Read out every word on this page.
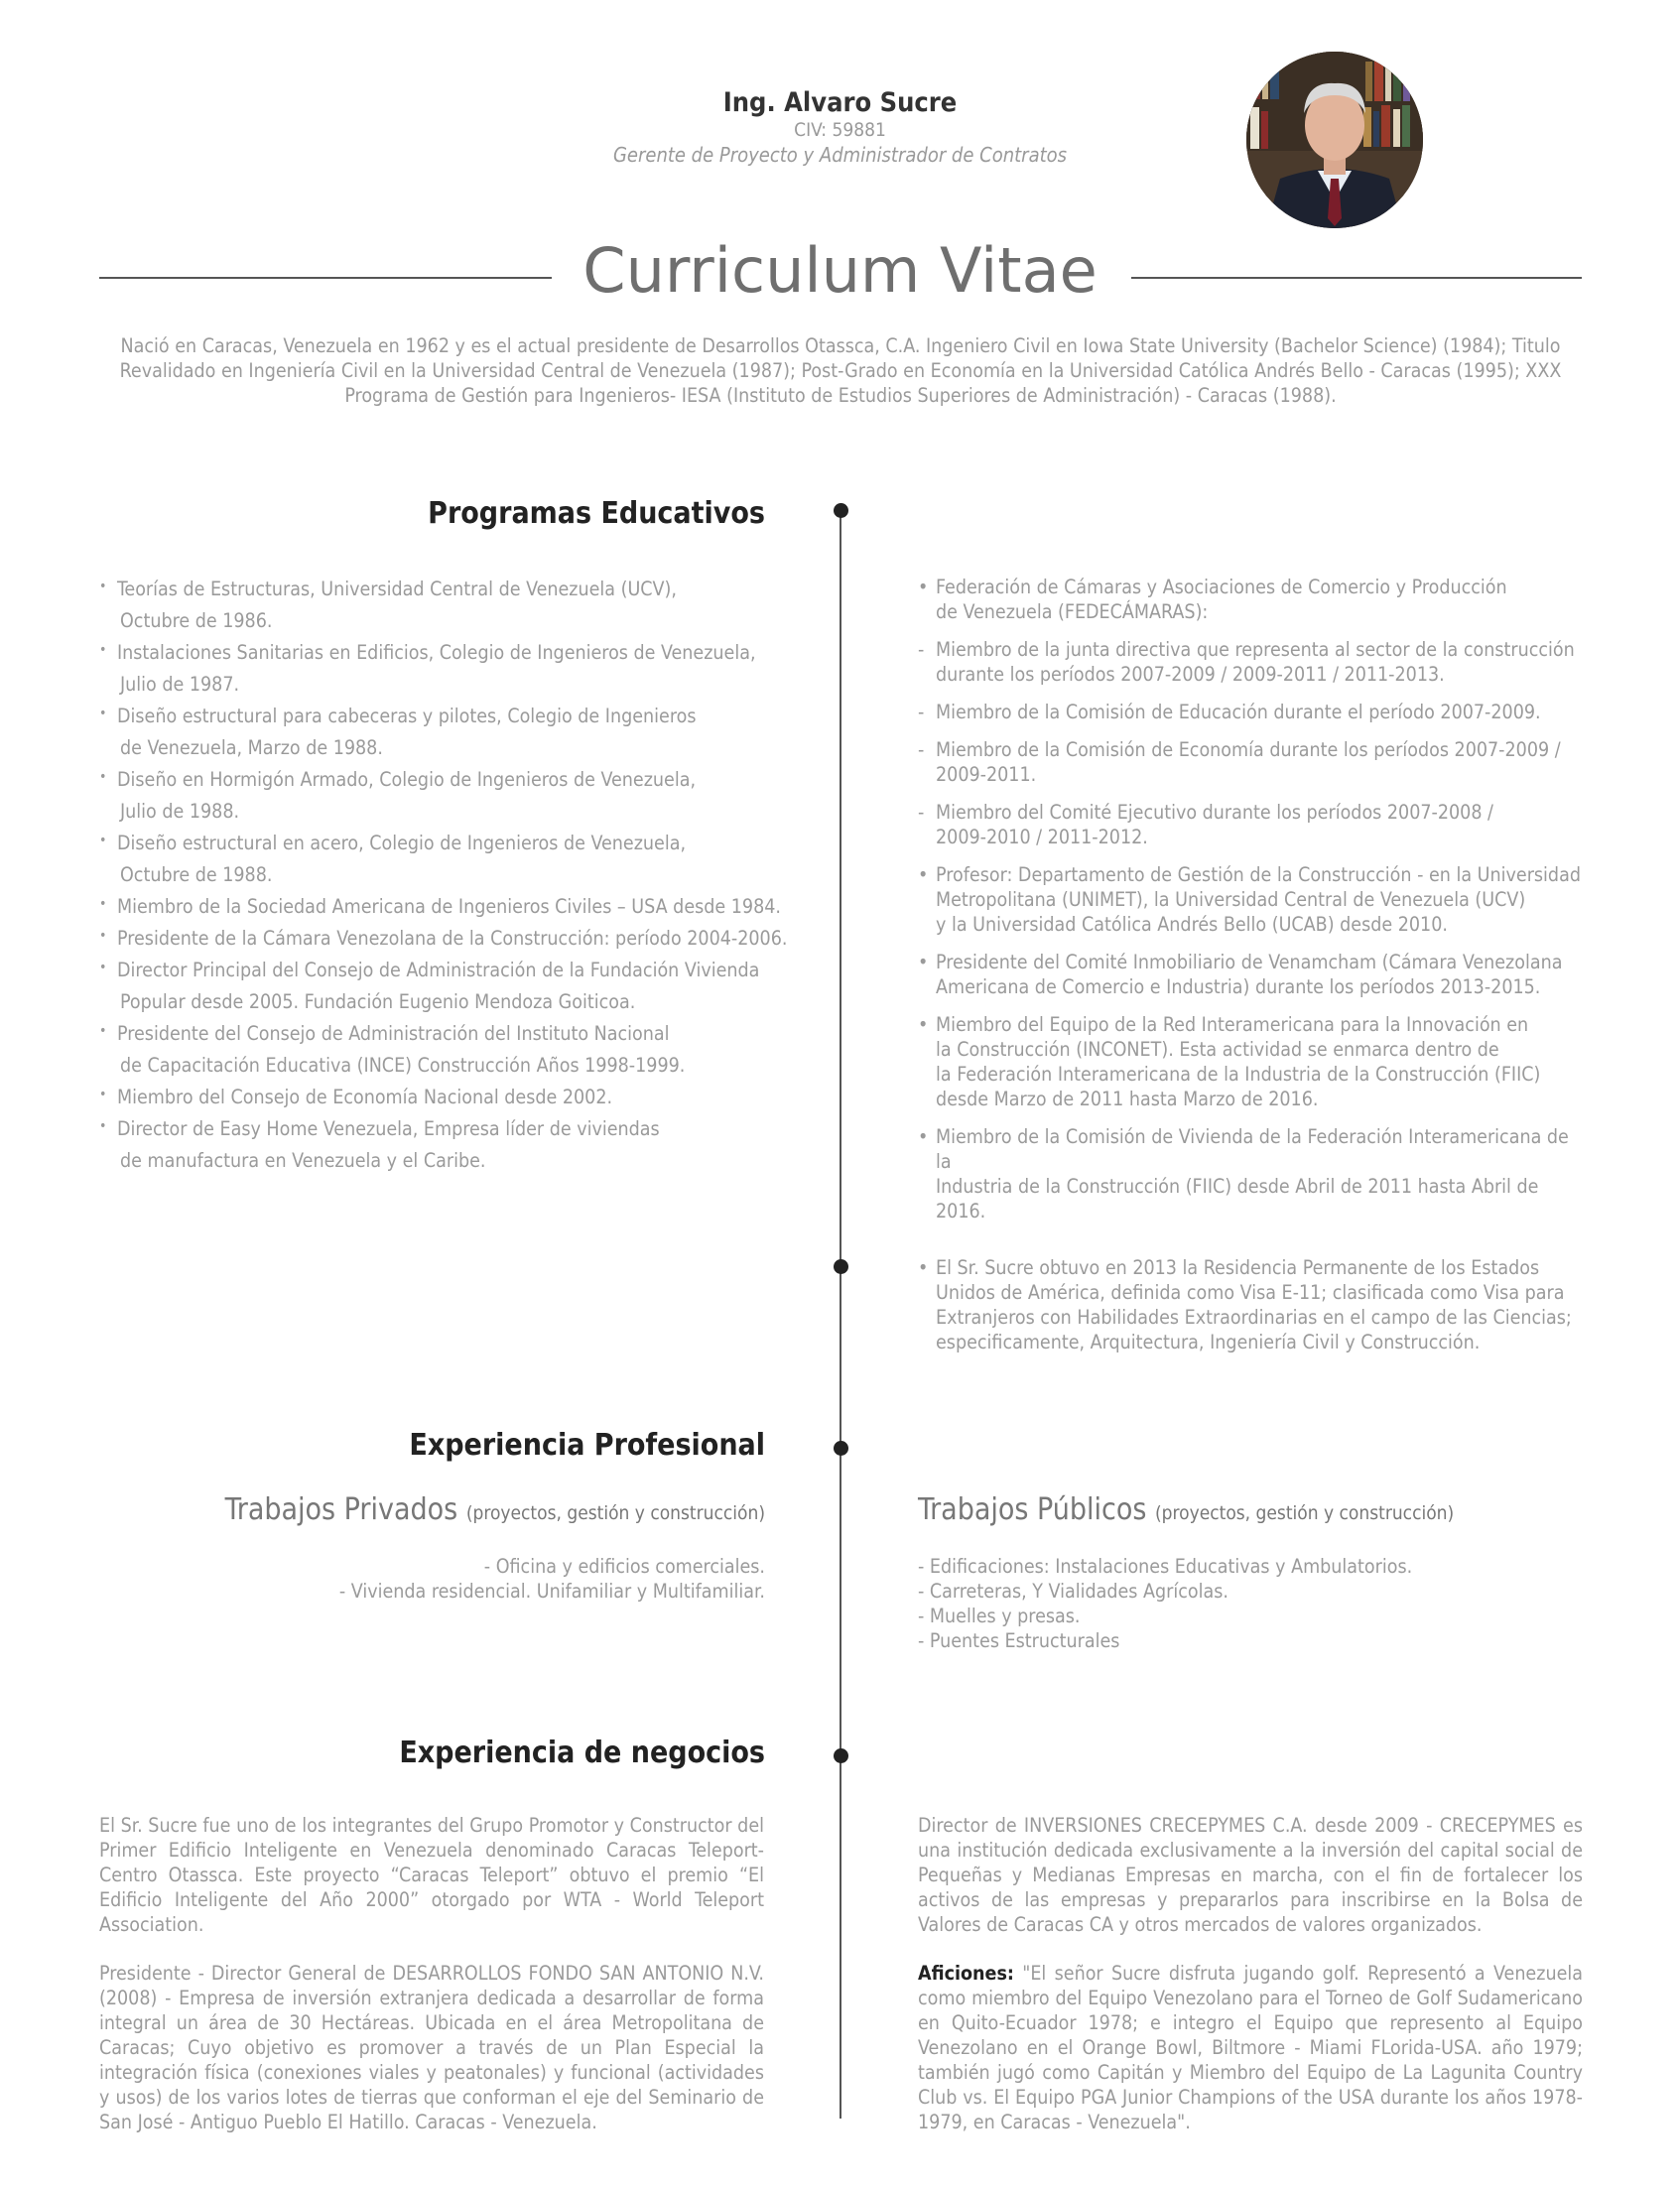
Ing. Alvaro Sucre
CIV: 59881
Gerente de Proyecto y Administrador de Contratos
Curriculum Vitae
Nació en Caracas, Venezuela en 1962 y es el actual presidente de Desarrollos Otassca, C.A. Ingeniero Civil en Iowa State University (Bachelor Science) (1984); Titulo Revalidado en Ingeniería Civil en la Universidad Central de Venezuela (1987); Post-Grado en Economía en la Universidad Católica Andrés Bello - Caracas (1995); XXX Programa de Gestión para Ingenieros- IESA (Instituto de Estudios Superiores de Administración) - Caracas (1988).
Programas Educativos
• Teorías de Estructuras, Universidad Central de Venezuela (UCV),
Octubre de 1986.
• Instalaciones Sanitarias en Edificios, Colegio de Ingenieros de Venezuela,
Julio de 1987.
• Diseño estructural para cabeceras y pilotes, Colegio de Ingenieros
de Venezuela, Marzo de 1988.
• Diseño en Hormigón Armado, Colegio de Ingenieros de Venezuela,
Julio de 1988.
• Diseño estructural en acero, Colegio de Ingenieros de Venezuela,
Octubre de 1988.
• Miembro de la Sociedad Americana de Ingenieros Civiles – USA desde 1984.
• Presidente de la Cámara Venezolana de la Construcción: período 2004-2006.
• Director Principal del Consejo de Administración de la Fundación Vivienda
Popular desde 2005. Fundación Eugenio Mendoza Goiticoa.
• Presidente del Consejo de Administración del Instituto Nacional
de Capacitación Educativa (INCE) Construcción Años 1998-1999.
• Miembro del Consejo de Economía Nacional desde 2002.
• Director de Easy Home Venezuela, Empresa líder de viviendas
de manufactura en Venezuela y el Caribe.
• Federación de Cámaras y Asociaciones de Comercio y Producción
de Venezuela (FEDECÁMARAS):
- Miembro de la junta directiva que representa al sector de la construcción
durante los períodos 2007-2009 / 2009-2011 / 2011-2013.
- Miembro de la Comisión de Educación durante el período 2007-2009.
- Miembro de la Comisión de Economía durante los períodos 2007-2009 /
2009-2011.
- Miembro del Comité Ejecutivo durante los períodos 2007-2008 /
2009-2010 / 2011-2012.
• Profesor: Departamento de Gestión de la Construcción - en la Universidad
Metropolitana (UNIMET), la Universidad Central de Venezuela (UCV)
y la Universidad Católica Andrés Bello (UCAB) desde 2010.
• Presidente del Comité Inmobiliario de Venamcham (Cámara Venezolana
Americana de Comercio e Industria) durante los períodos 2013-2015.
• Miembro del Equipo de la Red Interamericana para la Innovación en
la Construcción (INCONET). Esta actividad se enmarca dentro de
la Federación Interamericana de la Industria de la Construcción (FIIC)
desde Marzo de 2011 hasta Marzo de 2016.
• Miembro de la Comisión de Vivienda de la Federación Interamericana de la
Industria de la Construcción (FIIC) desde Abril de 2011 hasta Abril de 2016.
• El Sr. Sucre obtuvo en 2013 la Residencia Permanente de los Estados
Unidos de América, definida como Visa E-11; clasificada como Visa para
Extranjeros con Habilidades Extraordinarias en el campo de las Ciencias;
especificamente, Arquitectura, Ingeniería Civil y Construcción.
Experiencia Profesional
Trabajos Privados (proyectos, gestión y construcción)
- Oficina y edificios comerciales.
- Vivienda residencial. Unifamiliar y Multifamiliar.
Trabajos Públicos (proyectos, gestión y construcción)
- Edificaciones: Instalaciones Educativas y Ambulatorios.
- Carreteras, Y Vialidades Agrícolas.
- Muelles y presas.
- Puentes Estructurales
Experiencia de negocios

El Sr. Sucre fue uno de los integrantes del Grupo Promotor y Constructor del Primer Edificio Inteligente en Venezuela denominado Caracas Teleport-Centro Otassca. Este proyecto “Caracas Teleport” obtuvo el premio “El Edificio Inteligente del Año 2000” otorgado por WTA - World Teleport Association.

Presidente - Director General de DESARROLLOS FONDO SAN ANTONIO N.V. (2008) - Empresa de inversión extranjera dedicada a desarrollar de forma integral un área de 30 Hectáreas. Ubicada en el área Metropolitana de Caracas; Cuyo objetivo es promover a través de un Plan Especial la integración física (conexiones viales y peatonales) y funcional (actividades y usos) de los varios lotes de tierras que conforman el eje del Seminario de San José - Antiguo Pueblo El Hatillo. Caracas - Venezuela.

Director de INVERSIONES CRECEPYMES C.A. desde 2009 - CRECEPYMES es una institución dedicada exclusivamente a la inversión del capital social de Pequeñas y Medianas Empresas en marcha, con el fin de fortalecer los activos de las empresas y prepararlos para inscribirse en la Bolsa de Valores de Caracas CA y otros mercados de valores organizados.

Aficiones: "El señor Sucre disfruta jugando golf. Representó a Venezuela como miembro del Equipo Venezolano para el Torneo de Golf Sudamericano en Quito-Ecuador 1978; e integro el Equipo que represento al Equipo Venezolano en el Orange Bowl, Biltmore - Miami FLorida-USA. año 1979; también jugó como Capitán y Miembro del Equipo de La Lagunita Country Club vs. El Equipo PGA Junior Champions of the USA durante los años 1978-1979, en Caracas - Venezuela".
